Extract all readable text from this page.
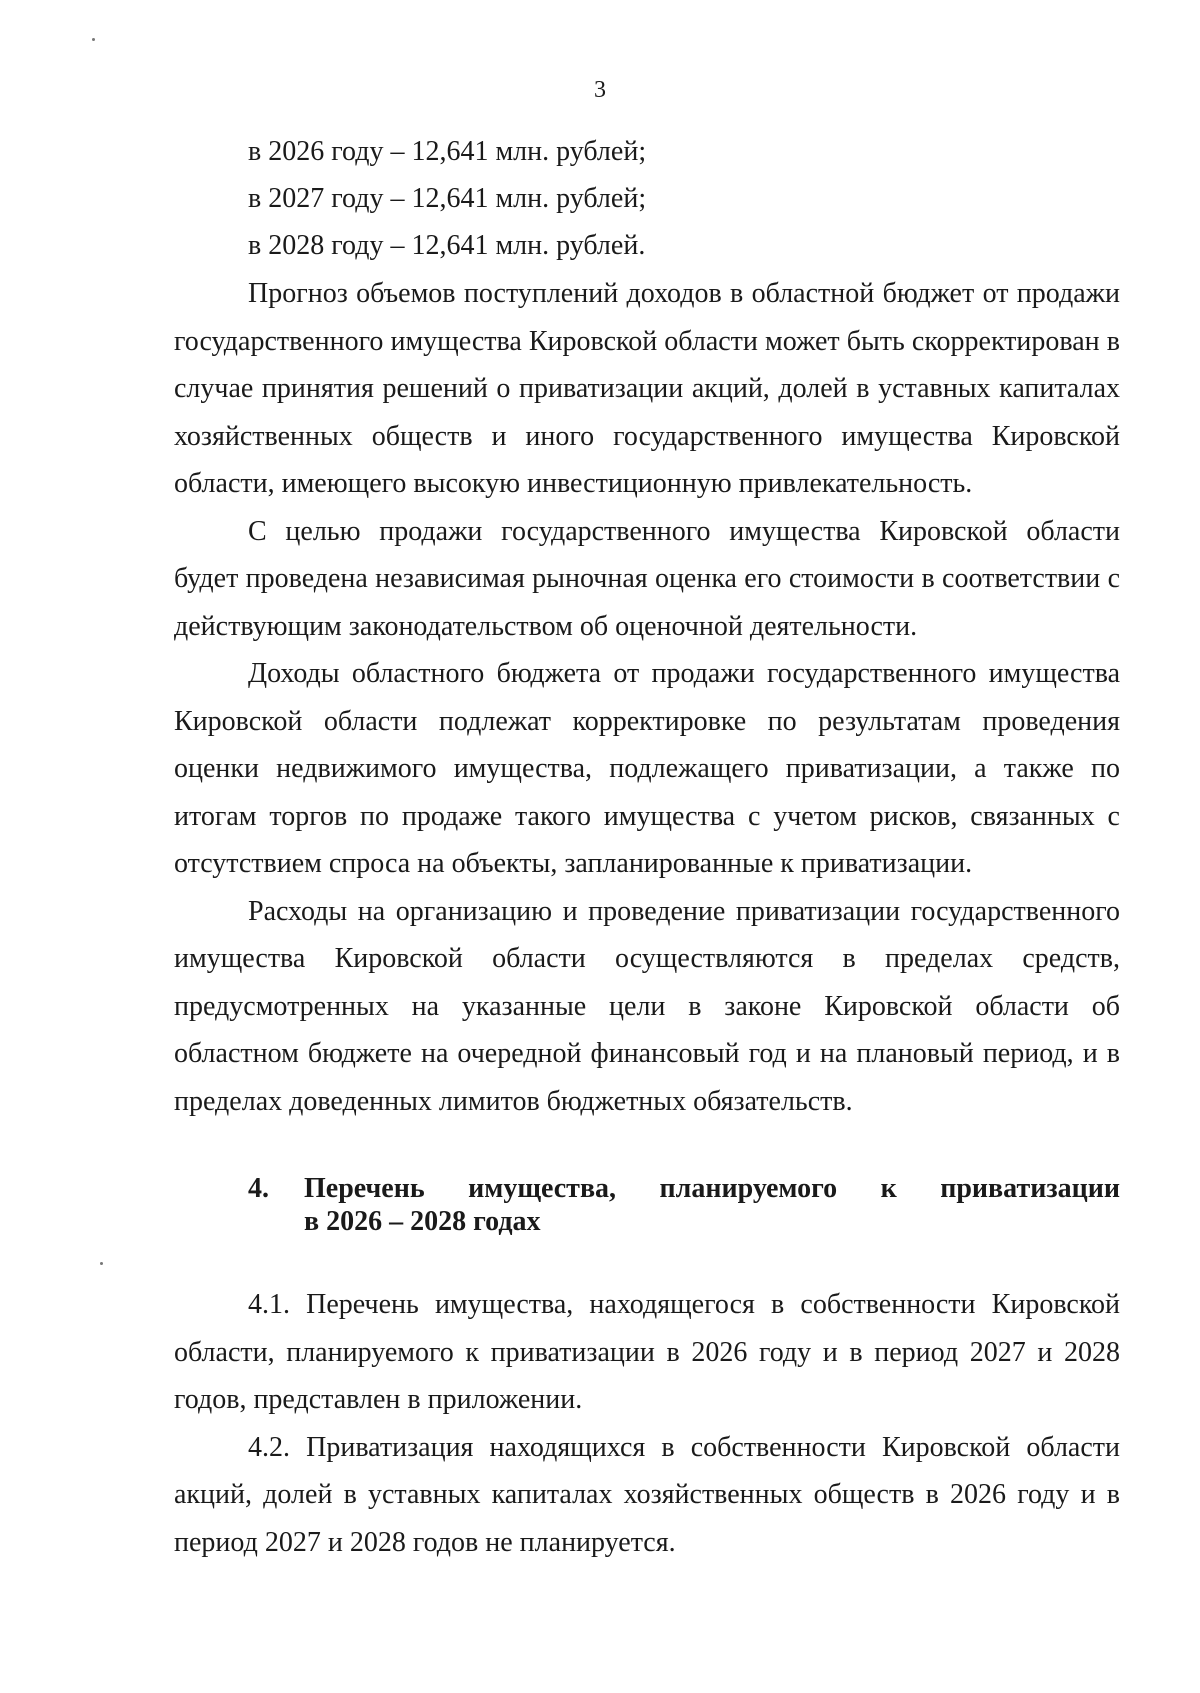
3
в 2026 году – 12,641 млн. рублей;
в 2027 году – 12,641 млн. рублей;
в 2028 году – 12,641 млн. рублей.

Прогноз объемов поступлений доходов в областной бюджет от продажи государственного имущества Кировской области может быть скорректирован в случае принятия решений о приватизации акций, долей в уставных капиталах хозяйственных обществ и иного государственного имущества Кировской области, имеющего высокую инвестиционную привлекательность.

С целью продажи государственного имущества Кировской области будет проведена независимая рыночная оценка его стоимости в соответствии с действующим законодательством об оценочной деятельности.

Доходы областного бюджета от продажи государственного имущества Кировской области подлежат корректировке по результатам проведения оценки недвижимого имущества, подлежащего приватизации, а также по итогам торгов по продаже такого имущества с учетом рисков, связанных с отсутствием спроса на объекты, запланированные к приватизации.

Расходы на организацию и проведение приватизации государственного имущества Кировской области осуществляются в пределах средств, предусмотренных на указанные цели в законе Кировской области об областном бюджете на очередной финансовый год и на плановый период, и в пределах доведенных лимитов бюджетных обязательств.

4. Перечень имущества, планируемого к приватизации
в 2026 – 2028 годах

4.1. Перечень имущества, находящегося в собственности Кировской области, планируемого к приватизации в 2026 году и в период 2027 и 2028 годов, представлен в приложении.

4.2. Приватизация находящихся в собственности Кировской области акций, долей в уставных капиталах хозяйственных обществ в 2026 году и в период 2027 и 2028 годов не планируется.
